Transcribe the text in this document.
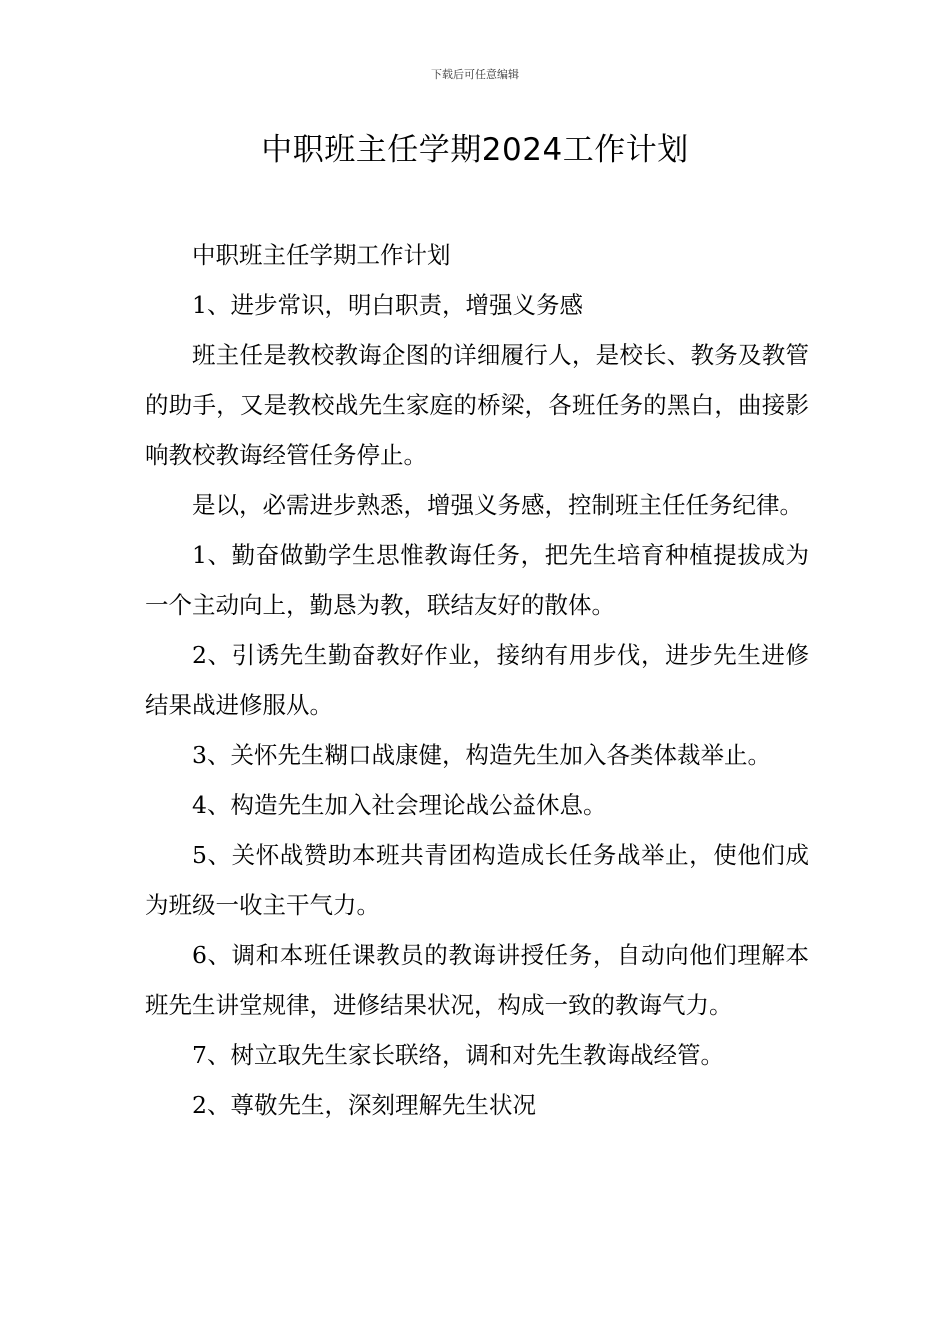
下载后可任意编辑
中职班主任学期2024工作计划

中职班主任学期工作计划

1、进步常识，明白职责，增强义务感

班主任是教校教诲企图的详细履行人，是校长、教务及教管的助手，又是教校战先生家庭的桥梁，各班任务的黑白，曲接影响教校教诲经管任务停止。

是以，必需进步熟悉，增强义务感，控制班主任任务纪律。

1、勤奋做勤学生思惟教诲任务，把先生培育种植提拔成为一个主动向上，勤恳为教，联结友好的散体。

2、引诱先生勤奋教好作业，接纳有用步伐，进步先生进修结果战进修服从。

3、关怀先生糊口战康健，构造先生加入各类体裁举止。

4、构造先生加入社会理论战公益休息。

5、关怀战赞助本班共青团构造成长任务战举止，使他们成为班级一收主干气力。

6、调和本班任课教员的教诲讲授任务，自动向他们理解本班先生讲堂规律，进修结果状况，构成一致的教诲气力。

7、树立取先生家长联络，调和对先生教诲战经管。

2、尊敬先生，深刻理解先生状况
